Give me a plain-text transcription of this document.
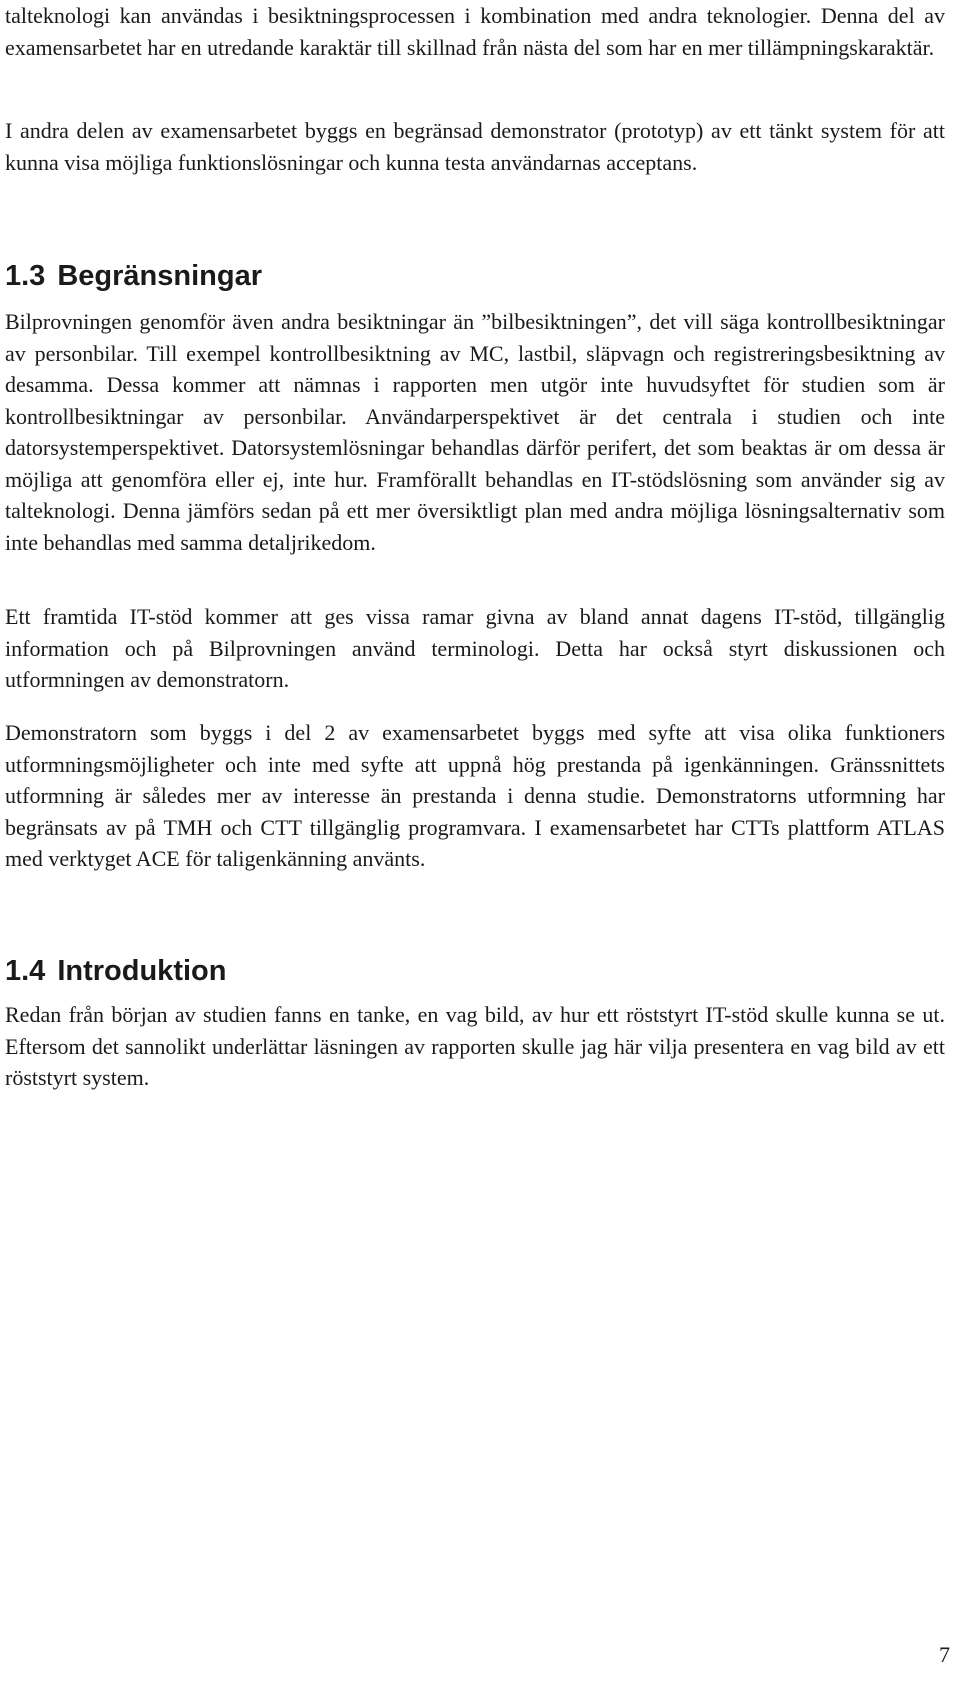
talteknologi kan användas i besiktningsprocessen i kombination med andra teknologier. Denna del av examensarbetet har en utredande karaktär till skillnad från nästa del som har en mer tillämpningskaraktär.

I andra delen av examensarbetet byggs en begränsad demonstrator (prototyp) av ett tänkt system för att kunna visa möjliga funktionslösningar och kunna testa användarnas acceptans.

1.3 Begränsningar

Bilprovningen genomför även andra besiktningar än ”bilbesiktningen”, det vill säga kontrollbesiktningar av personbilar. Till exempel kontrollbesiktning av MC, lastbil, släpvagn och registreringsbesiktning av desamma. Dessa kommer att nämnas i rapporten men utgör inte huvudsyftet för studien som är kontrollbesiktningar av personbilar. Användarperspektivet är det centrala i studien och inte datorsystemperspektivet. Datorsystemlösningar behandlas därför perifert, det som beaktas är om dessa är möjliga att genomföra eller ej, inte hur. Framförallt behandlas en IT-stödslösning som använder sig av talteknologi. Denna jämförs sedan på ett mer översiktligt plan med andra möjliga lösningsalternativ som inte behandlas med samma detaljrikedom.

Ett framtida IT-stöd kommer att ges vissa ramar givna av bland annat dagens IT-stöd, tillgänglig information och på Bilprovningen använd terminologi. Detta har också styrt diskussionen och utformningen av demonstratorn.

Demonstratorn som byggs i del 2 av examensarbetet byggs med syfte att visa olika funktioners utformningsmöjligheter och inte med syfte att uppnå hög prestanda på igenkänningen. Gränssnittets utformning är således mer av interesse än prestanda i denna studie. Demonstratorns utformning har begränsats av på TMH och CTT tillgänglig programvara. I examensarbetet har CTTs plattform ATLAS med verktyget ACE för taligenkänning använts.

1.4 Introduktion

Redan från början av studien fanns en tanke, en vag bild, av hur ett röststyrt IT-stöd skulle kunna se ut. Eftersom det sannolikt underlättar läsningen av rapporten skulle jag här vilja presentera en vag bild av ett röststyrt system.

7
